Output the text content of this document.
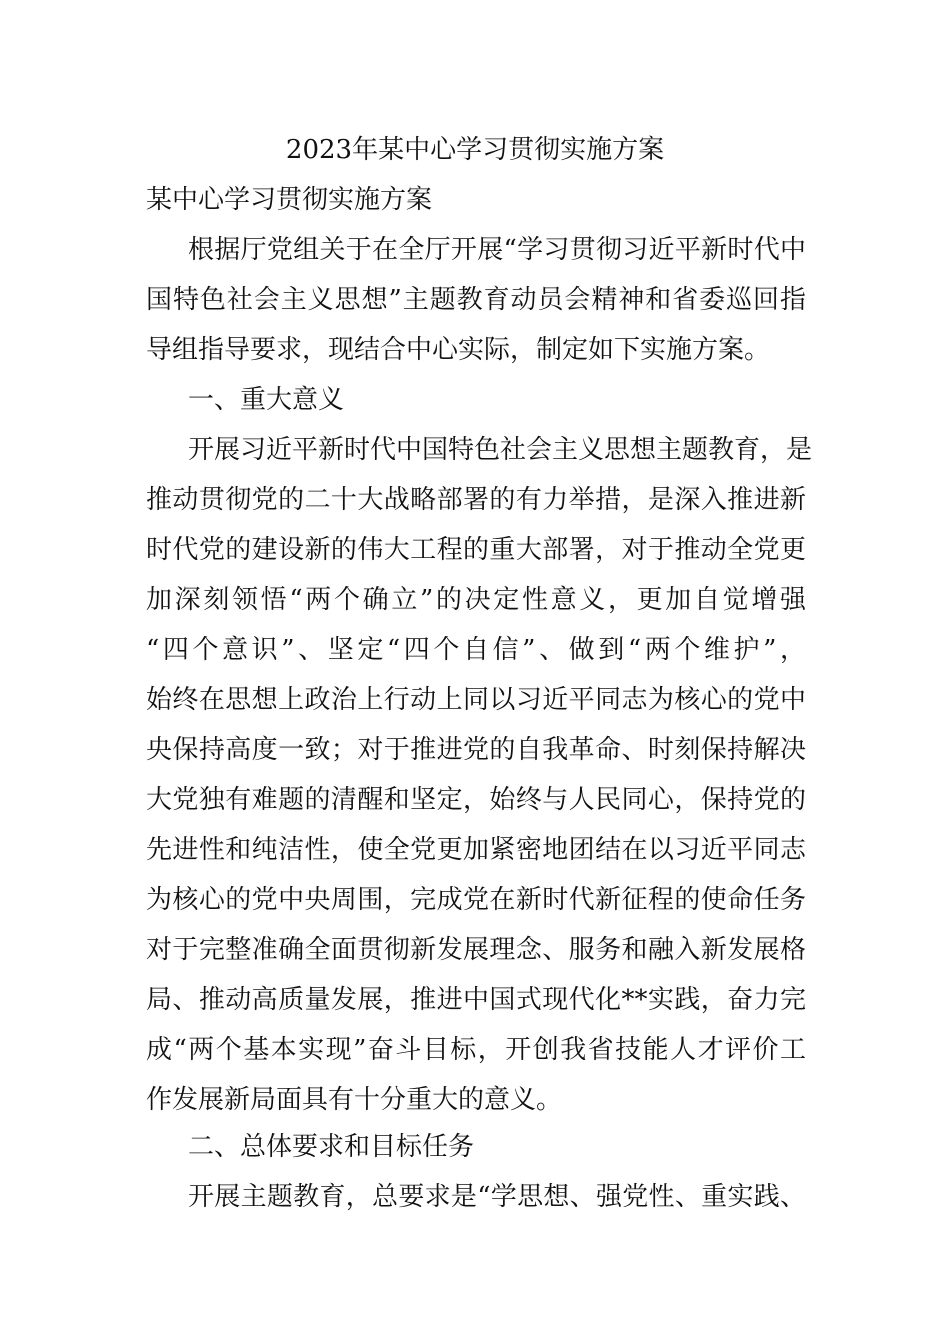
2023年某中心学习贯彻实施方案
某中心学习贯彻实施方案
根据厅党组关于在全厅开展“学习贯彻习近平新时代中
国特色社会主义思想”主题教育动员会精神和省委巡回指
导组指导要求，现结合中心实际，制定如下实施方案。
一、重大意义
开展习近平新时代中国特色社会主义思想主题教育，是
推动贯彻党的二十大战略部署的有力举措，是深入推进新
时代党的建设新的伟大工程的重大部署，对于推动全党更
加深刻领悟“两个确立”的决定性意义，更加自觉增强
“四个意识”、坚定“四个自信”、做到“两个维护”，
始终在思想上政治上行动上同以习近平同志为核心的党中
央保持高度一致；对于推进党的自我革命、时刻保持解决
大党独有难题的清醒和坚定，始终与人民同心，保持党的
先进性和纯洁性，使全党更加紧密地团结在以习近平同志
为核心的党中央周围，完成党在新时代新征程的使命任务
对于完整准确全面贯彻新发展理念、服务和融入新发展格
局、推动高质量发展，推进中国式现代化**实践，奋力完
成“两个基本实现”奋斗目标，开创我省技能人才评价工
作发展新局面具有十分重大的意义。
二、总体要求和目标任务
开展主题教育，总要求是“学思想、强党性、重实践、
